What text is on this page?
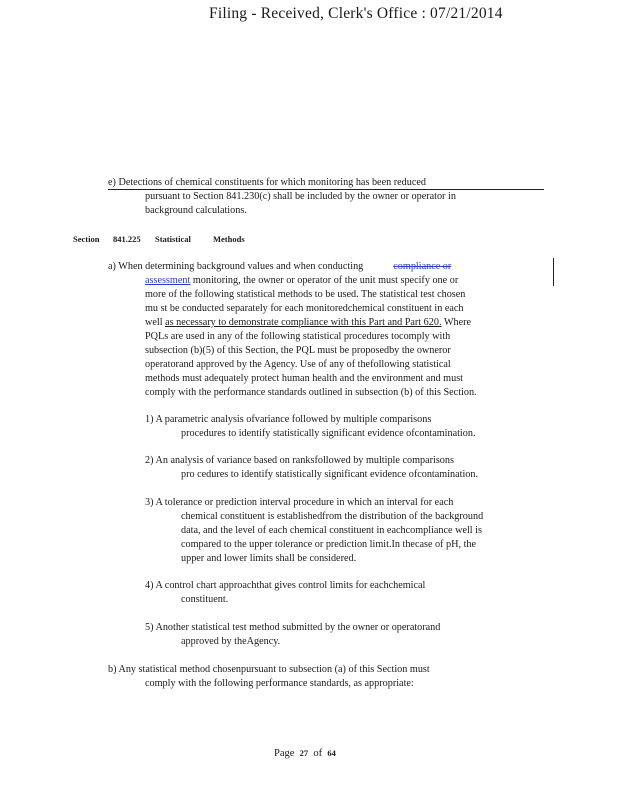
Filing - Received, Clerk's Office : 07/21/2014
e) Detections of chemical constituents for which monitoring has been reduced
pursuant to Section 841.230(c) shall be included by the owner or operator in
background calculations.
Section 841.225 Statistical	Methods
a) When determining background values and when conducting	compliance or
assessment monitoring, the owner or operator of the unit must specify one or
more of the following statistical methods to be used. The statistical test chosen
mu st be conducted separately for each monitoredchemical constituent in each
well as necessary to demonstrate compliance with this Part and Part 620. Where
PQLs are used in any of the following statistical procedures tocomply with
subsection (b)(5) of this Section, the PQL must be proposedby the owneror
operatorand approved by the Agency. Use of any of thefollowing statistical
methods must adequately protect human health and the environment and must
comply with the performance standards outlined in subsection (b) of this Section.
1) A parametric analysis ofvariance followed by multiple comparisons
procedures to identify statistically significant evidence ofcontamination.
2) An analysis of variance based on ranksfollowed by multiple comparisons
pro cedures to identify statistically significant evidence ofcontamination.
3) A tolerance or prediction interval procedure in which an interval for each
chemical constituent is establishedfrom the distribution of the background
data, and the level of each chemical constituent in eachcompliance well is
compared to the upper tolerance or prediction limit.In thecase of pH, the
upper and lower limits shall be considered.
4) A control chart approachthat gives control limits for eachchemical
constituent.
5) Another statistical test method submitted by the owner or operatorand
approved by theAgency.
b) Any statistical method chosenpursuant to subsection (a) of this Section must
comply with the following performance standards, as appropriate:
Page 27 of 64
